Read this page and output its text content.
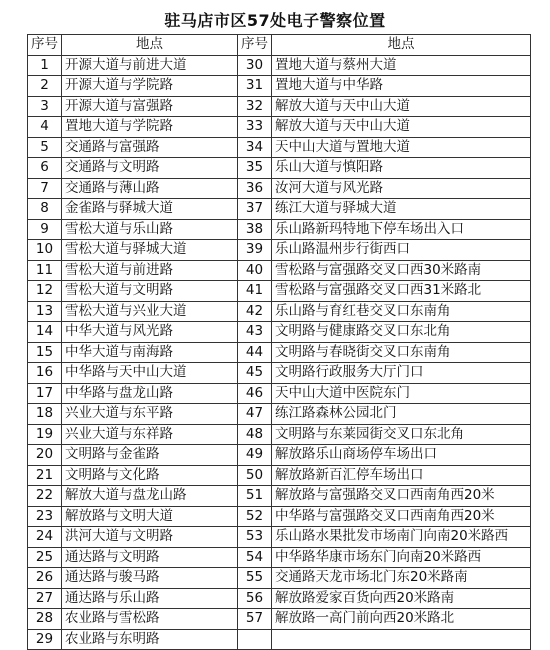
驻马店市区57处电子警察位置
序号	地点	序号	地点
1	开源大道与前进大道	30	置地大道与蔡州大道
2	开源大道与学院路	31	置地大道与中华路
3	开源大道与富强路	32	解放大道与天中山大道
4	置地大道与学院路	33	解放大道与天中山大道
5	交通路与富强路	34	天中山大道与置地大道
6	交通路与文明路	35	乐山大道与慎阳路
7	交通路与薄山路	36	汝河大道与风光路
8	金雀路与驿城大道	37	练江大道与驿城大道
9	雪松大道与乐山路	38	乐山路新玛特地下停车场出入口
10	雪松大道与驿城大道	39	乐山路温州步行街西口
11	雪松大道与前进路	40	雪松路与富强路交叉口西30米路南
12	雪松大道与文明路	41	雪松路与富强路交叉口西31米路北
13	雪松大道与兴业大道	42	乐山路与育红巷交叉口东南角
14	中华大道与风光路	43	文明路与健康路交叉口东北角
15	中华大道与南海路	44	文明路与春晓街交叉口东南角
16	中华路与天中山大道	45	文明路行政服务大厅门口
17	中华路与盘龙山路	46	天中山大道中医院东门
18	兴业大道与东平路	47	练江路森林公园北门
19	兴业大道与东祥路	48	文明路与东莱园街交叉口东北角
20	文明路与金雀路	49	解放路乐山商场停车场出口
21	文明路与文化路	50	解放路新百汇停车场出口
22	解放大道与盘龙山路	51	解放路与富强路交叉口西南角西20米
23	解放路与文明大道	52	中华路与富强路交叉口西南角西20米
24	洪河大道与文明路	53	乐山路水果批发市场南门向南20米路西
25	通达路与文明路	54	中华路华康市场东门向南20米路西
26	通达路与骏马路	55	交通路天龙市场北门东20米路南
27	通达路与乐山路	56	解放路爱家百货向西20米路南
28	农业路与雪松路	57	解放路一高门前向西20米路北
29	农业路与东明路		
